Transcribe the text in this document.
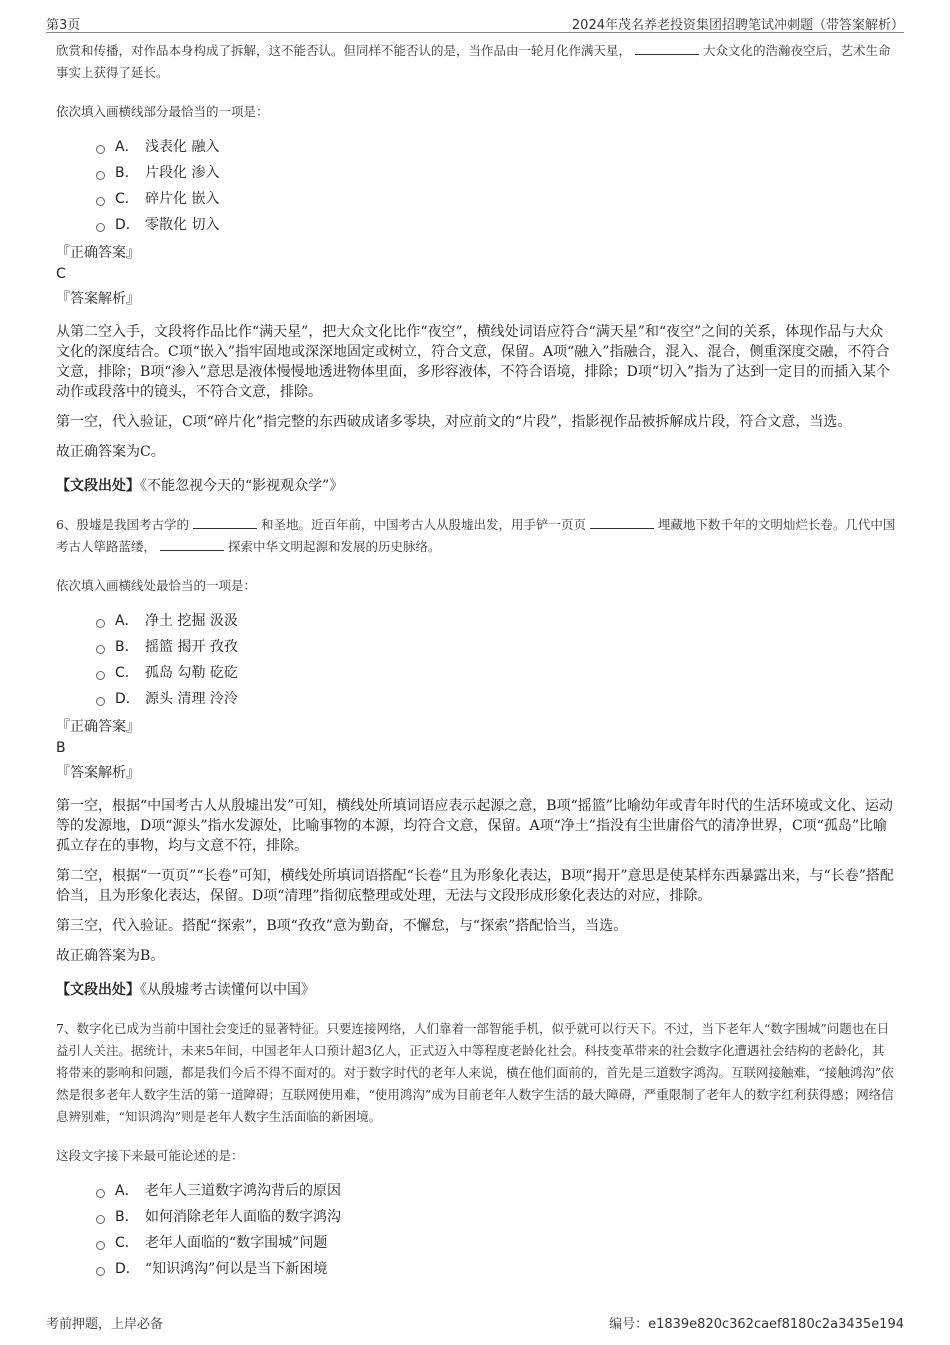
第3页	2024年茂名养老投资集团招聘笔试冲刺题（带答案解析）

欣赏和传播，对作品本身构成了拆解，这不能否认。但同样不能否认的是，当作品由一轮月化作满天星，	大众文化的浩瀚夜空后，艺术生命事实上获得了延长。

依次填入画横线部分最恰当的一项是：

A． 浅表化 融入
B． 片段化 渗入
C． 碎片化 嵌入
D． 零散化 切入

『正确答案』

C

『答案解析』

从第二空入手，文段将作品比作“满天星”，把大众文化比作“夜空”，横线处词语应符合“满天星”和“夜空”之间的关系，体现作品与大众文化的深度结合。C项“嵌入”指牢固地或深深地固定或树立，符合文意，保留。A项“融入”指融合，混入、混合，侧重深度交融，不符合文意，排除；B项“渗入”意思是液体慢慢地透进物体里面，多形容液体，不符合语境，排除；D项“切入”指为了达到一定目的而插入某个动作或段落中的镜头，不符合文意，排除。

第一空，代入验证，C项“碎片化”指完整的东西破成诸多零块，对应前文的“片段”，指影视作品被拆解成片段，符合文意，当选。

故正确答案为C。

【文段出处】《不能忽视今天的“影视观众学”》

6、殷墟是我国考古学的	和圣地。近百年前，中国考古人从殷墟出发，用手铲一页页	埋藏地下数千年的文明灿烂长卷。几代中国考古人筚路蓝缕，	探索中华文明起源和发展的历史脉络。

依次填入画横线处最恰当的一项是：

A． 净土 挖掘 汲汲
B． 摇篮 揭开 孜孜
C． 孤岛 勾勒 矻矻
D． 源头 清理 泠泠

『正确答案』

B

『答案解析』

第一空，根据“中国考古人从殷墟出发”可知，横线处所填词语应表示起源之意，B项“摇篮”比喻幼年或青年时代的生活环境或文化、运动等的发源地，D项“源头”指水发源处，比喻事物的本源，均符合文意，保留。A项“净土”指没有尘世庸俗气的清净世界，C项“孤岛”比喻孤立存在的事物，均与文意不符，排除。

第二空，根据“一页页”“长卷”可知，横线处所填词语搭配“长卷”且为形象化表达，B项“揭开”意思是使某样东西暴露出来，与“长卷”搭配恰当，且为形象化表达，保留。D项“清理”指彻底整理或处理，无法与文段形成形象化表达的对应，排除。

第三空，代入验证。搭配“探索”，B项“孜孜”意为勤奋，不懈怠，与“探索”搭配恰当，当选。

故正确答案为B。

【文段出处】《从殷墟考古读懂何以中国》

7、数字化已成为当前中国社会变迁的显著特征。只要连接网络，人们靠着一部智能手机，似乎就可以行天下。不过，当下老年人“数字围城”问题也在日益引人关注。据统计，未来5年间，中国老年人口预计超3亿人，正式迈入中等程度老龄化社会。科技变革带来的社会数字化遭遇社会结构的老龄化，其将带来的影响和问题，都是我们今后不得不面对的。对于数字时代的老年人来说，横在他们面前的，首先是三道数字鸿沟。互联网接触难，“接触鸿沟”依然是很多老年人数字生活的第一道障碍；互联网使用难，“使用鸿沟”成为目前老年人数字生活的最大障碍，严重限制了老年人的数字红利获得感；网络信息辨别难，“知识鸿沟”则是老年人数字生活面临的新困境。

这段文字接下来最可能论述的是：

A． 老年人三道数字鸿沟背后的原因
B． 如何消除老年人面临的数字鸿沟
C． 老年人面临的“数字围城”问题
D． “知识鸿沟”何以是当下新困境
考前押题，上岸必备	编号：e1839e820c362caef8180c2a3435e194
